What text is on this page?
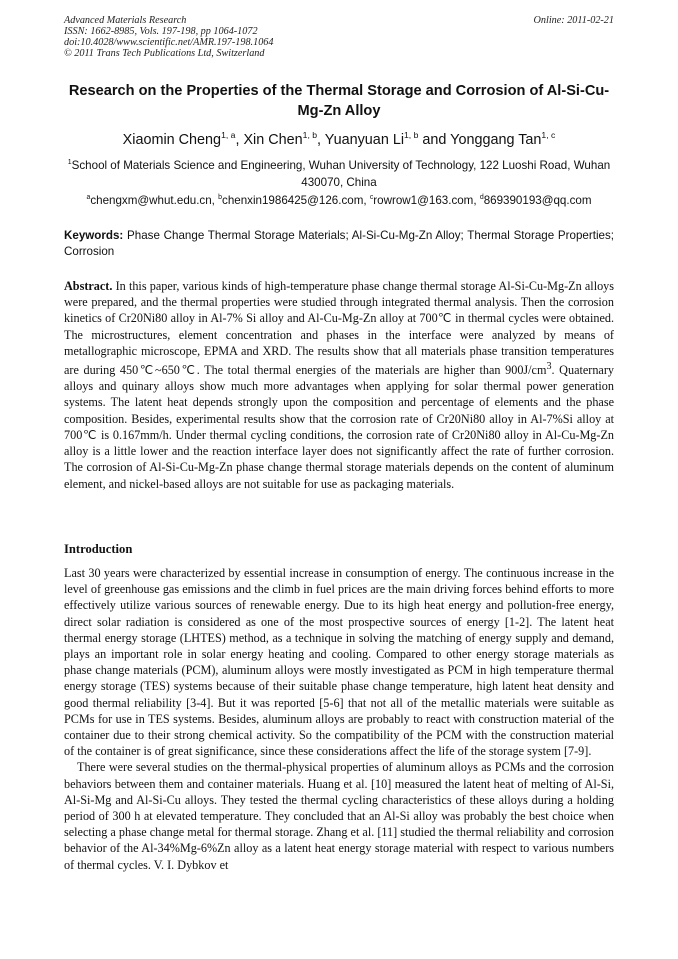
Advanced Materials Research
ISSN: 1662-8985, Vols. 197-198, pp 1064-1072
doi:10.4028/www.scientific.net/AMR.197-198.1064
© 2011 Trans Tech Publications Ltd, Switzerland
Online: 2011-02-21
Research on the Properties of the Thermal Storage and Corrosion of Al-Si-Cu-Mg-Zn Alloy
Xiaomin Cheng$^{1, a}$, Xin Chen$^{1, b}$, Yuanyuan Li$^{1, b}$ and Yonggang Tan$^{1, c}$
$^1$School of Materials Science and Engineering, Wuhan University of Technology, 122 Luoshi Road, Wuhan 430070, China
$^a$chengxm@whut.edu.cn, $^b$chenxin1986425@126.com, $^c$rowrow1@163.com, $^d$869390193@qq.com
Keywords: Phase Change Thermal Storage Materials; Al-Si-Cu-Mg-Zn Alloy; Thermal Storage Properties; Corrosion
Abstract. In this paper, various kinds of high-temperature phase change thermal storage Al-Si-Cu-Mg-Zn alloys were prepared, and the thermal properties were studied through integrated thermal analysis. Then the corrosion kinetics of Cr20Ni80 alloy in Al-7% Si alloy and Al-Cu-Mg-Zn alloy at 700℃ in thermal cycles were obtained. The microstructures, element concentration and phases in the interface were analyzed by means of metallographic microscope, EPMA and XRD. The results show that all materials phase transition temperatures are during 450℃~650℃. The total thermal energies of the materials are higher than $900J/cm^3$. Quaternary alloys and quinary alloys show much more advantages when applying for solar thermal power generation systems. The latent heat depends strongly upon the composition and percentage of elements and the phase composition. Besides, experimental results show that the corrosion rate of Cr20Ni80 alloy in Al-7%Si alloy at 700℃ is 0.167mm/h. Under thermal cycling conditions, the corrosion rate of Cr20Ni80 alloy in Al-Cu-Mg-Zn alloy is a little lower and the reaction interface layer does not significantly affect the rate of further corrosion. The corrosion of Al-Si-Cu-Mg-Zn phase change thermal storage materials depends on the content of aluminum element, and nickel-based alloys are not suitable for use as packaging materials.
Introduction

Last 30 years were characterized by essential increase in consumption of energy. The continuous increase in the level of greenhouse gas emissions and the climb in fuel prices are the main driving forces behind efforts to more effectively utilize various sources of renewable energy. Due to its high heat energy and pollution-free energy, direct solar radiation is considered as one of the most prospective sources of energy [1-2]. The latent heat thermal energy storage (LHTES) method, as a technique in solving the matching of energy supply and demand, plays an important role in solar energy heating and cooling. Compared to other energy storage materials as phase change materials (PCM), aluminum alloys were mostly investigated as PCM in high temperature thermal energy storage (TES) systems because of their suitable phase change temperature, high latent heat density and good thermal reliability [3-4]. But it was reported [5-6] that not all of the metallic materials were suitable as PCMs for use in TES systems. Besides, aluminum alloys are probably to react with construction material of the container due to their strong chemical activity. So the compatibility of the PCM with the construction material of the container is of great significance, since these considerations affect the life of the storage system [7-9].

There were several studies on the thermal-physical properties of aluminum alloys as PCMs and the corrosion behaviors between them and container materials. Huang et al. [10] measured the latent heat of melting of Al-Si, Al-Si-Mg and Al-Si-Cu alloys. They tested the thermal cycling characteristics of these alloys during a holding period of 300 h at elevated temperature. They concluded that an Al-Si alloy was probably the best choice when selecting a phase change metal for thermal storage. Zhang et al. [11] studied the thermal reliability and corrosion behavior of the Al-34%Mg-6%Zn alloy as a latent heat energy storage material with respect to various numbers of thermal cycles. V. I. Dybkov et
